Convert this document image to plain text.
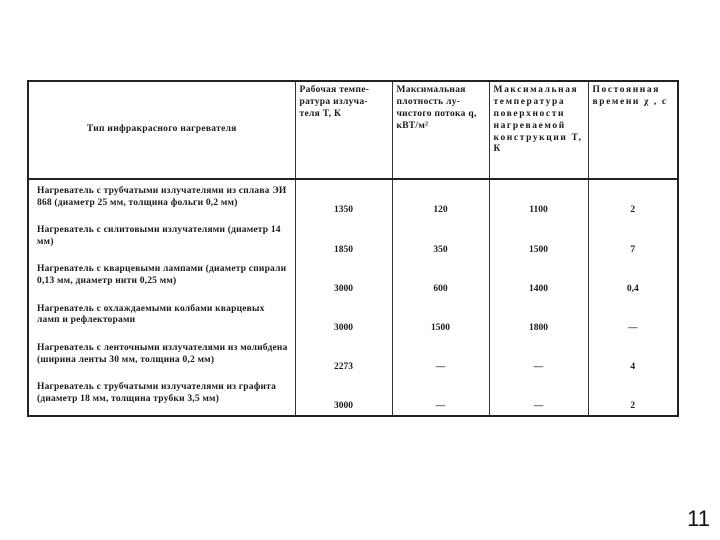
Тип инфракрасного нагревателя	Рабочая темпе-ратура излуча-теля T, К	Максимальная плотность лу-чистого потока q, кВТ/м²	Максимальная температура поверхности нагреваемой конструкции T, К	Постоянная времени χ , с
Нагреватель с трубчатыми излучателями из сплава ЭИ 868 (диаметр 25 мм, толщина фольги 0,2 мм)	1350	120	1100	2
Нагреватель с силитовыми излучателями (диаметр 14 мм)	1850	350	1500	7
Нагреватель с кварцевыми лампами (диаметр спирали 0,13 мм, диаметр нити 0,25 мм)	3000	600	1400	0,4
Нагреватель с охлаждаемыми колбами кварцевых ламп и рефлекторами	3000	1500	1800	—
Нагреватель с ленточными излучателями из молибдена (ширина ленты 30 мм, толщина 0,2 мм)	2273	—	—	4
Нагреватель с трубчатыми излучателями из графита (диаметр 18 мм, толщина трубки 3,5 мм)	3000	—	—	2
11
